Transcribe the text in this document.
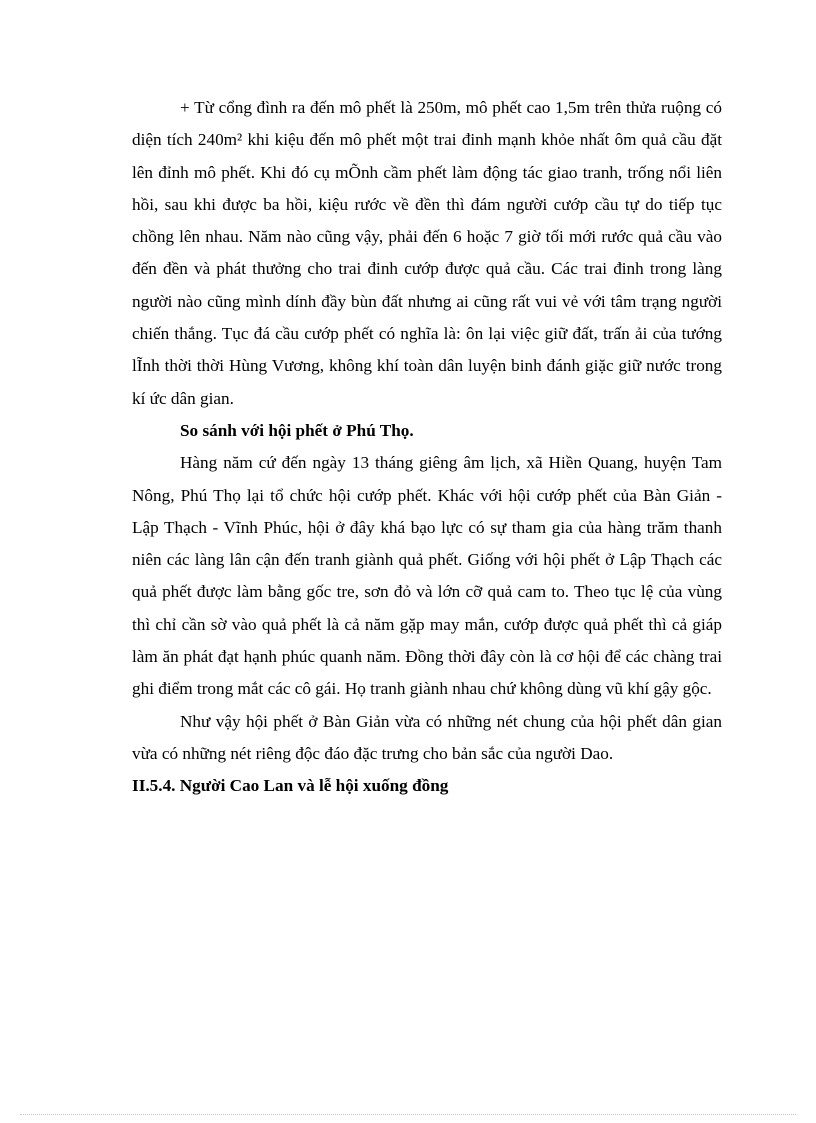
+ Từ cổng đình ra đến mô phết là 250m, mô phết cao 1,5m trên thửa ruộng có diện tích 240m² khi kiệu đến mô phết một trai đinh mạnh khỏe nhất ôm quả cầu đặt lên đỉnh mô phết. Khi đó cụ mÕnh cầm phết làm động tác giao tranh, trống nổi liên hồi, sau khi được ba hồi, kiệu rước về đền thì đám người cướp cầu tự do tiếp tục chồng lên nhau. Năm nào cũng vậy, phải đến 6 hoặc 7 giờ tối mới rước quả cầu vào đến đền và phát thưởng cho trai đinh cướp được quả cầu. Các trai đinh trong làng người nào cũng mình dính đầy bùn đất nhưng ai cũng rất vui vẻ với tâm trạng người chiến thắng. Tục đá cầu cướp phết có nghĩa là: ôn lại việc giữ đất, trấn ải của tướng lĨnh thời thời Hùng Vương, không khí toàn dân luyện binh đánh giặc giữ nước trong kí ức dân gian.

So sánh với hội phết ở Phú Thọ.

Hàng năm cứ đến ngày 13 tháng giêng âm lịch, xã Hiền Quang, huyện Tam Nông, Phú Thọ lại tổ chức hội cướp phết. Khác với hội cướp phết của Bàn Giản - Lập Thạch - Vĩnh Phúc, hội ở đây khá bạo lực có sự tham gia của hàng trăm thanh niên các làng lân cận đến tranh giành quả phết. Giống với hội phết ở Lập Thạch các quả phết được làm bằng gốc tre, sơn đỏ và lớn cỡ quả cam to. Theo tục lệ của vùng thì chỉ cần sờ vào quả phết là cả năm gặp may mắn, cướp được quả phết thì cả giáp làm ăn phát đạt hạnh phúc quanh năm. Đồng thời đây còn là cơ hội để các chàng trai ghi điểm trong mắt các cô gái. Họ tranh giành nhau chứ không dùng vũ khí gậy gộc.

Như vậy hội phết ở Bàn Giản vừa có những nét chung của hội phết dân gian vừa có những nét riêng độc đáo đặc trưng cho bản sắc của người Dao.

II.5.4. Người Cao Lan và lễ hội xuống đồng
